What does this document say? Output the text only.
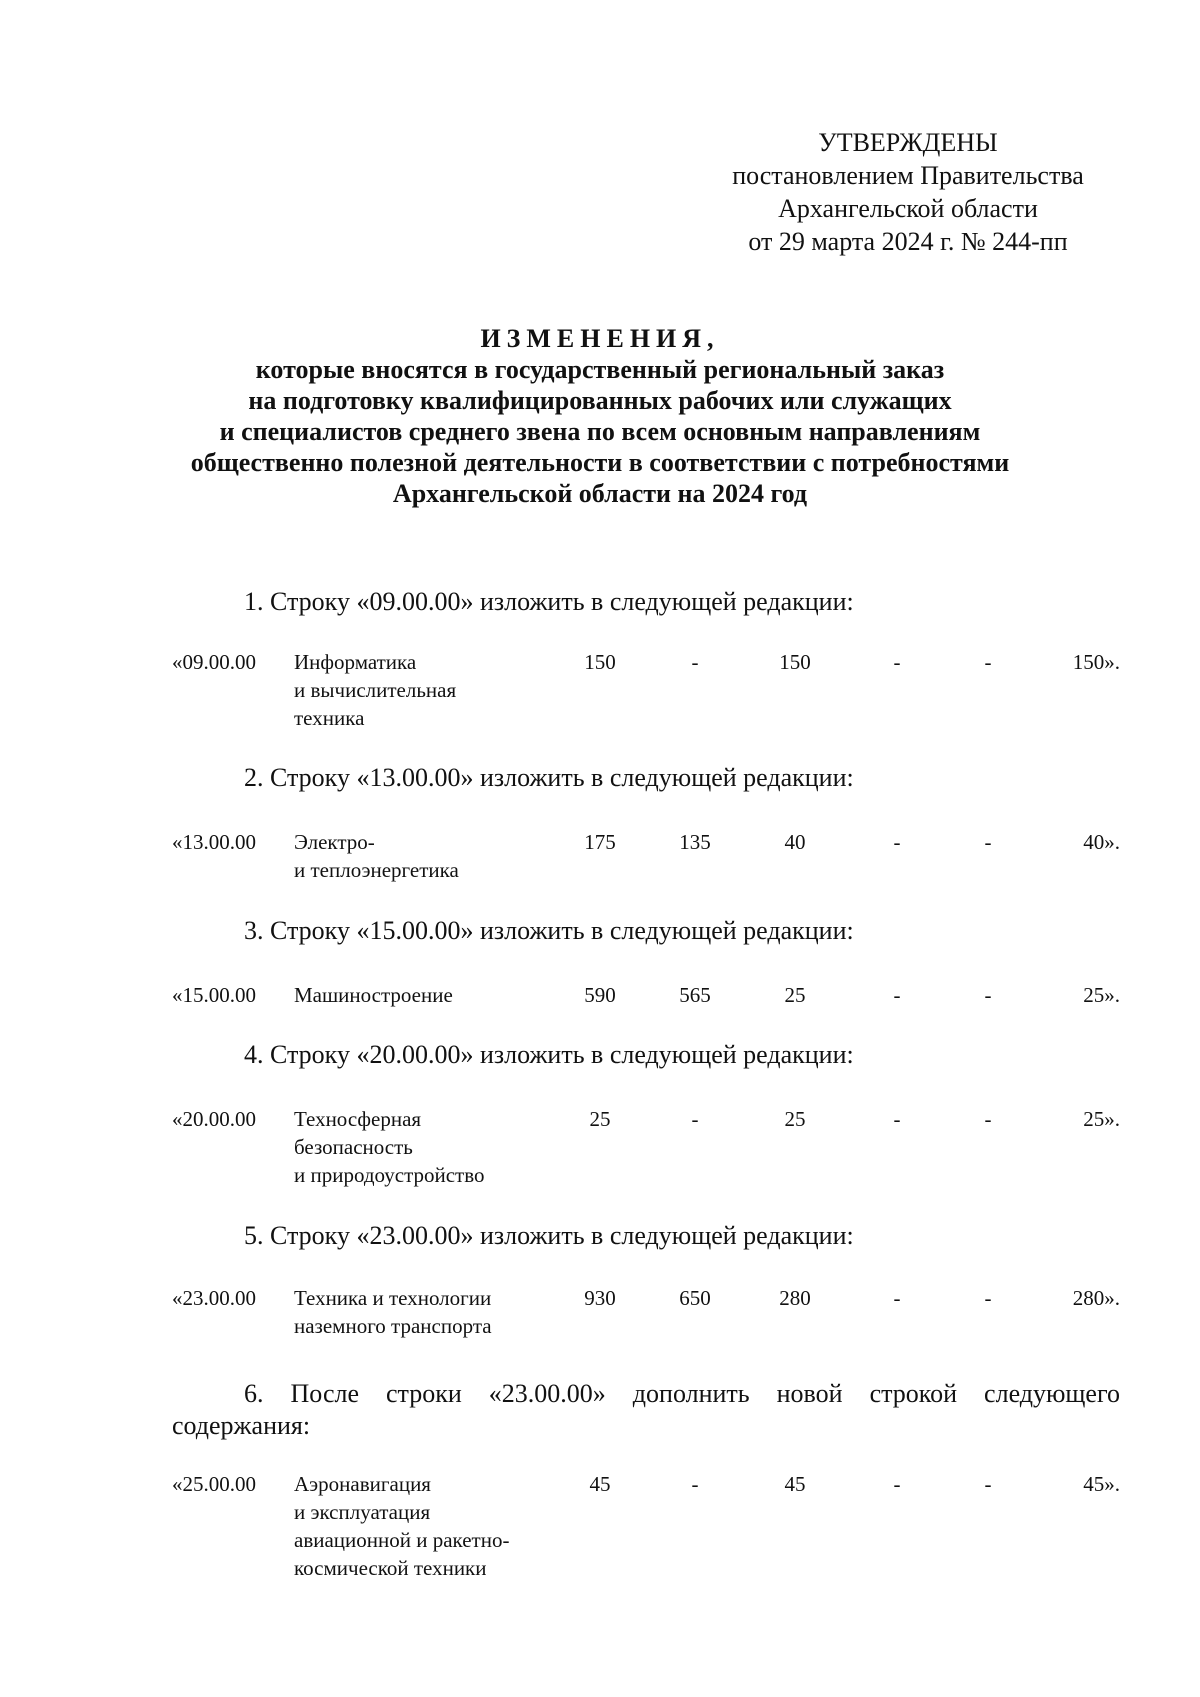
УТВЕРЖДЕНЫ
постановлением Правительства
Архангельской области
от 29 марта 2024 г. № 244-пп
ИЗМЕНЕНИЯ,
которые вносятся в государственный региональный заказ
на подготовку квалифицированных рабочих или служащих
и специалистов среднего звена по всем основным направлениям
общественно полезной деятельности в соответствии с потребностями
Архангельской области на 2024 год
1. Строку «09.00.00» изложить в следующей редакции:
«09.00.00 Информатика
и вычислительная
техника
150	-	150	-	-	150».
2. Строку «13.00.00» изложить в следующей редакции:
«13.00.00 Электро-
и теплоэнергетика
175	135	40	-	-	40».
3. Строку «15.00.00» изложить в следующей редакции:
«15.00.00 Машиностроение	590	565	25	-	-	25».
4. Строку «20.00.00» изложить в следующей редакции:
«20.00.00 Техносферная
безопасность
и природоустройство
25	-	25	-	-	25».
5. Строку «23.00.00» изложить в следующей редакции:
«23.00.00 Техника и технологии
наземного транспорта
930	650	280	-	-	280».
6. После строки «23.00.00» дополнить новой строкой следующего содержания:
«25.00.00 Аэронавигация
и эксплуатация
авиационной и ракетно-
космической техники
45	-	45	-	-	45».
